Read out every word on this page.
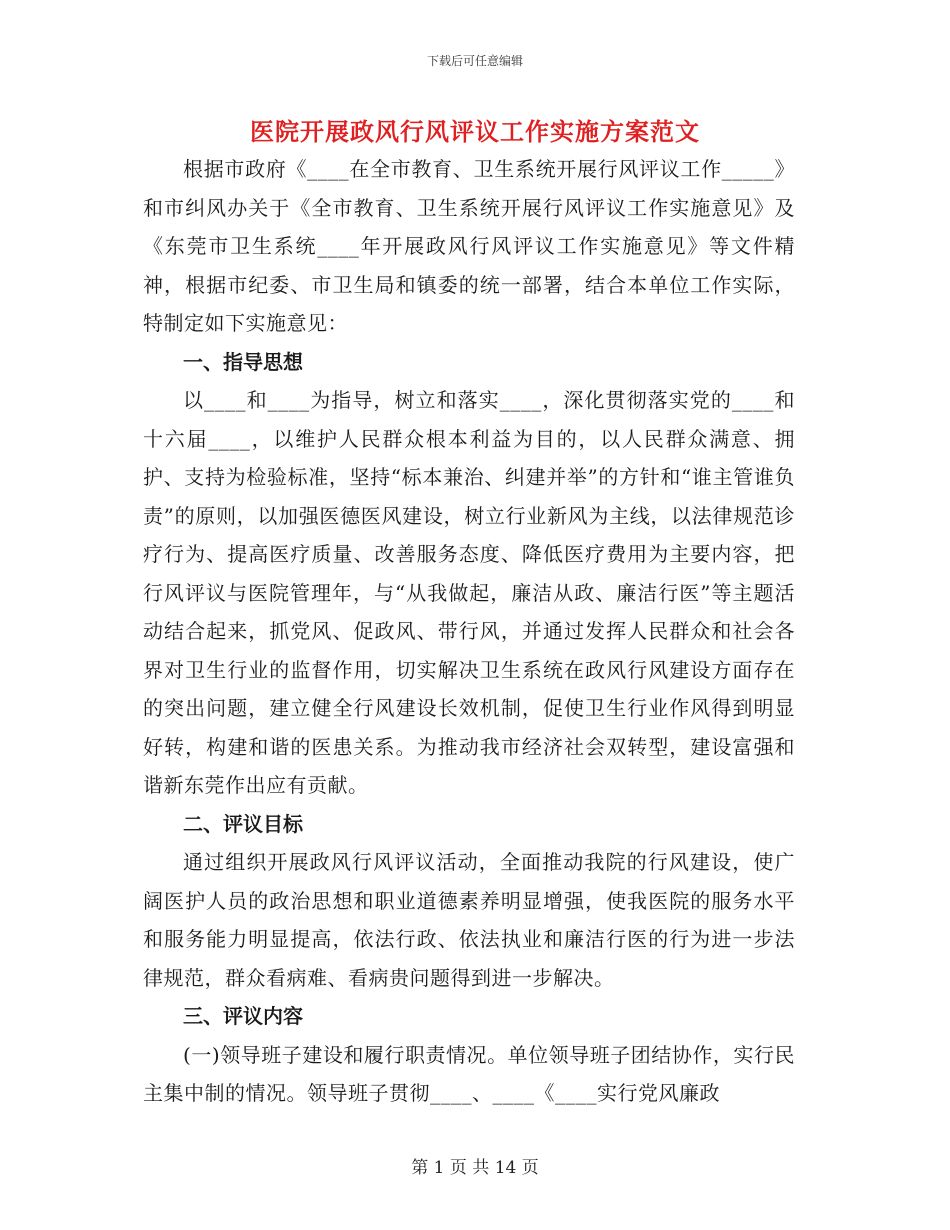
下载后可任意编辑
医院开展政风行风评议工作实施方案范文

根据市政府《____在全市教育、卫生系统开展行风评议工作_____》和市纠风办关于《全市教育、卫生系统开展行风评议工作实施意见》及《东莞市卫生系统____年开展政风行风评议工作实施意见》等文件精神，根据市纪委、市卫生局和镇委的统一部署，结合本单位工作实际，特制定如下实施意见：

一、指导思想

以____和____为指导，树立和落实____，深化贯彻落实党的____和十六届____，以维护人民群众根本利益为目的，以人民群众满意、拥护、支持为检验标准，坚持“标本兼治、纠建并举”的方针和“谁主管谁负责”的原则，以加强医德医风建设，树立行业新风为主线，以法律规范诊疗行为、提高医疗质量、改善服务态度、降低医疗费用为主要内容，把行风评议与医院管理年，与“从我做起，廉洁从政、廉洁行医”等主题活动结合起来，抓党风、促政风、带行风，并通过发挥人民群众和社会各界对卫生行业的监督作用，切实解决卫生系统在政风行风建设方面存在的突出问题，建立健全行风建设长效机制，促使卫生行业作风得到明显好转，构建和谐的医患关系。为推动我市经济社会双转型，建设富强和谐新东莞作出应有贡献。

二、评议目标

通过组织开展政风行风评议活动，全面推动我院的行风建设，使广阔医护人员的政治思想和职业道德素养明显增强，使我医院的服务水平和服务能力明显提高，依法行政、依法执业和廉洁行医的行为进一步法律规范，群众看病难、看病贵问题得到进一步解决。

三、评议内容

(一)领导班子建设和履行职责情况。单位领导班子团结协作，实行民主集中制的情况。领导班子贯彻____、____《____实行党风廉政

第 1 页 共 14 页
